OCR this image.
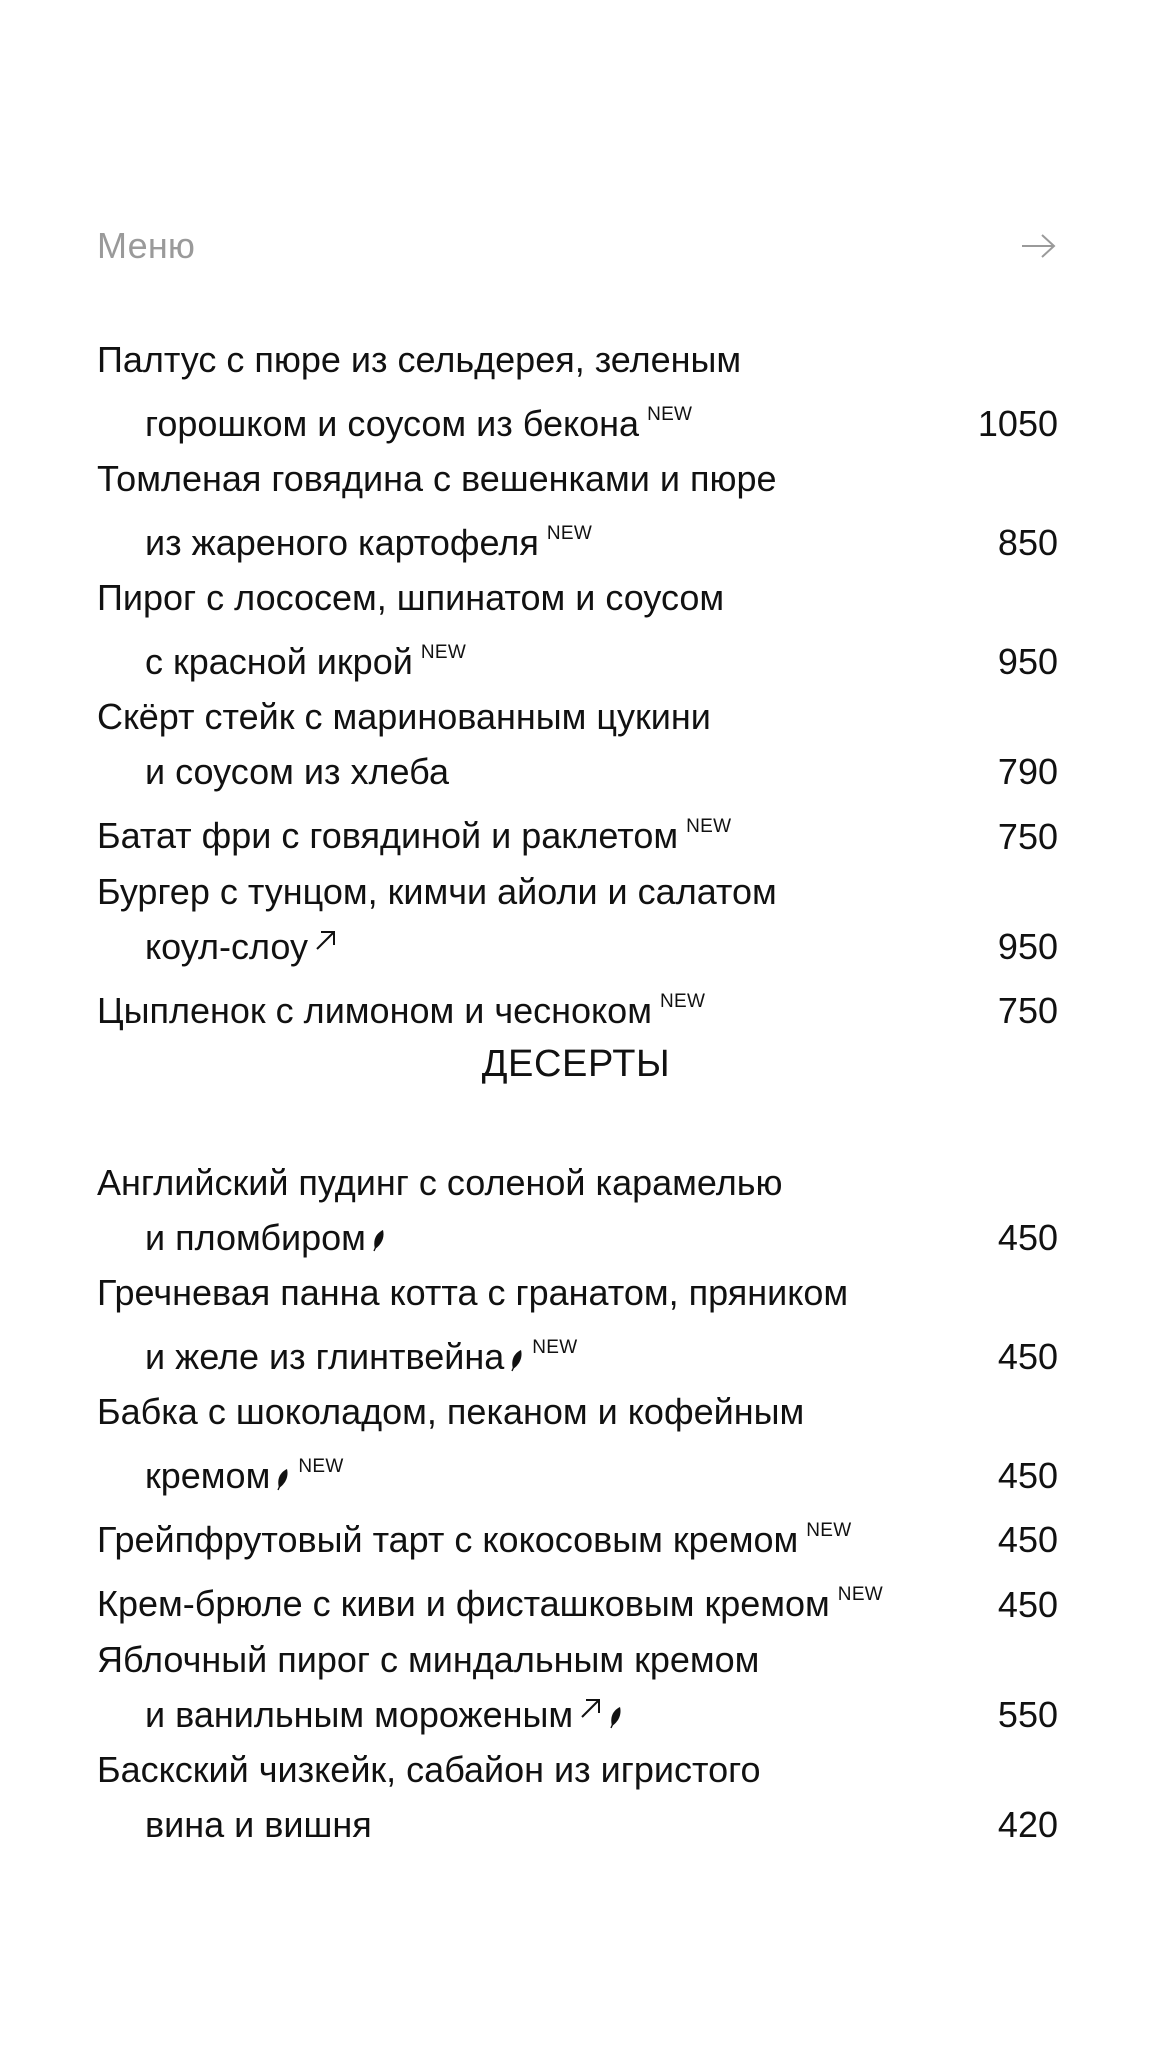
Меню
Палтус с пюре из сельдерея, зеленым
горошком и соусом из бекона $^{NEW}$	1050
Томленая говядина с вешенками и пюре
из жареного картофеля $^{NEW}$	850
Пирог с лососем, шпинатом и соусом
с красной икрой $^{NEW}$	950
Скёрт стейк с маринованным цукини
и соусом из хлеба	790
Батат фри с говядиной и раклетом $^{NEW}$	750
Бургер с тунцом, кимчи айоли и салатом
коул-слоу	950
Цыпленок с лимоном и чесноком $^{NEW}$	750
ДЕСЕРТЫ
Английский пудинг с соленой карамелью
и пломбиром	450
Гречневая панна котта с гранатом, пряником
и желе из глинтвейна $^{NEW}$	450
Бабка с шоколадом, пеканом и кофейным
кремом $^{NEW}$	450
Грейпфрутовый тарт с кокосовым кремом $^{NEW}$	450
Крем-брюле с киви и фисташковым кремом $^{NEW}$	450
Яблочный пирог с миндальным кремом
и ванильным мороженым	550
Баскский чизкейк, сабайон из игристого
вина и вишня	420
